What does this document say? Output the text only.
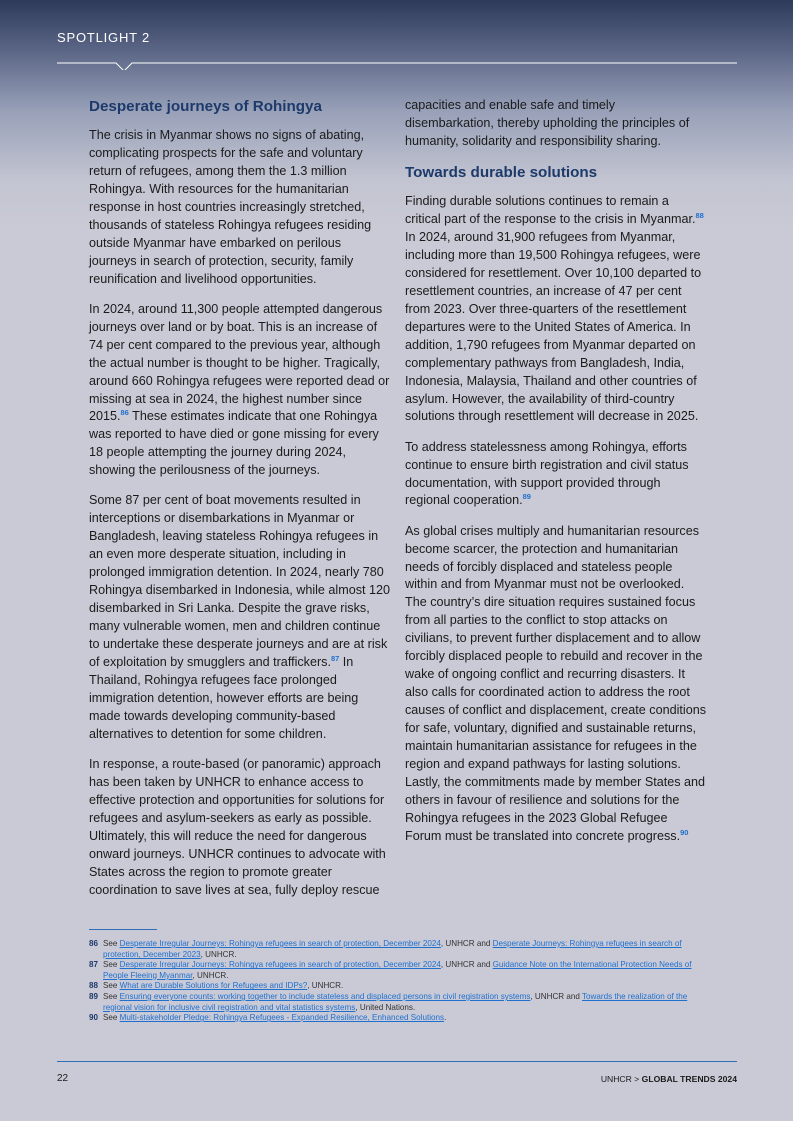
SPOTLIGHT 2
Desperate journeys of Rohingya

The crisis in Myanmar shows no signs of abating, complicating prospects for the safe and voluntary return of refugees, among them the 1.3 million Rohingya. With resources for the humanitarian response in host countries increasingly stretched, thousands of stateless Rohingya refugees residing outside Myanmar have embarked on perilous journeys in search of protection, security, family reunification and livelihood opportunities.

In 2024, around 11,300 people attempted dangerous journeys over land or by boat. This is an increase of 74 per cent compared to the previous year, although the actual number is thought to be higher. Tragically, around 660 Rohingya refugees were reported dead or missing at sea in 2024, the highest number since 2015.86 These estimates indicate that one Rohingya was reported to have died or gone missing for every 18 people attempting the journey during 2024, showing the perilousness of the journeys.

Some 87 per cent of boat movements resulted in interceptions or disembarkations in Myanmar or Bangladesh, leaving stateless Rohingya refugees in an even more desperate situation, including in prolonged immigration detention. In 2024, nearly 780 Rohingya disembarked in Indonesia, while almost 120 disembarked in Sri Lanka. Despite the grave risks, many vulnerable women, men and children continue to undertake these desperate journeys and are at risk of exploitation by smugglers and traffickers.$^{87}$ In Thailand, Rohingya refugees face prolonged immigration detention, however efforts are being made towards developing community-based alternatives to detention for some children.

In response, a route-based (or panoramic) approach has been taken by UNHCR to enhance access to effective protection and opportunities for solutions for refugees and asylum-seekers as early as possible. Ultimately, this will reduce the need for dangerous onward journeys. UNHCR continues to advocate with States across the region to promote greater coordination to save lives at sea, fully deploy rescue

capacities and enable safe and timely disembarkation, thereby upholding the principles of humanity, solidarity and responsibility sharing.

Towards durable solutions

Finding durable solutions continues to remain a critical part of the response to the crisis in Myanmar.$^{88}$ In 2024, around 31,900 refugees from Myanmar, including more than 19,500 Rohingya refugees, were considered for resettlement. Over 10,100 departed to resettlement countries, an increase of 47 per cent from 2023. Over three-quarters of the resettlement departures were to the United States of America. In addition, 1,790 refugees from Myanmar departed on complementary pathways from Bangladesh, India, Indonesia, Malaysia, Thailand and other countries of asylum. However, the availability of third-country solutions through resettlement will decrease in 2025.

To address statelessness among Rohingya, efforts continue to ensure birth registration and civil status documentation, with support provided through regional cooperation.$^{89}$

As global crises multiply and humanitarian resources become scarcer, the protection and humanitarian needs of forcibly displaced and stateless people within and from Myanmar must not be overlooked. The country’s dire situation requires sustained focus from all parties to the conflict to stop attacks on civilians, to prevent further displacement and to allow forcibly displaced people to rebuild and recover in the wake of ongoing conflict and recurring disasters. It also calls for coordinated action to address the root causes of conflict and displacement, create conditions for safe, voluntary, dignified and sustainable returns, maintain humanitarian assistance for refugees in the region and expand pathways for lasting solutions. Lastly, the commitments made by member States and others in favour of resilience and solutions for the Rohingya refugees in the 2023 Global Refugee Forum must be translated into concrete progress.$^{90}$

86 See Desperate Irregular Journeys: Rohingya refugees in search of protection, December 2024, UNHCR and Desperate Journeys: Rohingya refugees in search of protection, December 2023, UNHCR.
87 See Desperate Irregular Journeys: Rohingya refugees in search of protection, December 2024, UNHCR and Guidance Note on the International Protection Needs of People Fleeing Myanmar, UNHCR.
88 See What are Durable Solutions for Refugees and IDPs?, UNHCR.
89 See Ensuring everyone counts: working together to include stateless and displaced persons in civil registration systems, UNHCR and Towards the realization of the regional vision for inclusive civil registration and vital statistics systems, United Nations.
90 See Multi-stakeholder Pledge: Rohingya Refugees - Expanded Resilience, Enhanced Solutions.
22	UNHCR > GLOBAL TRENDS 2024
